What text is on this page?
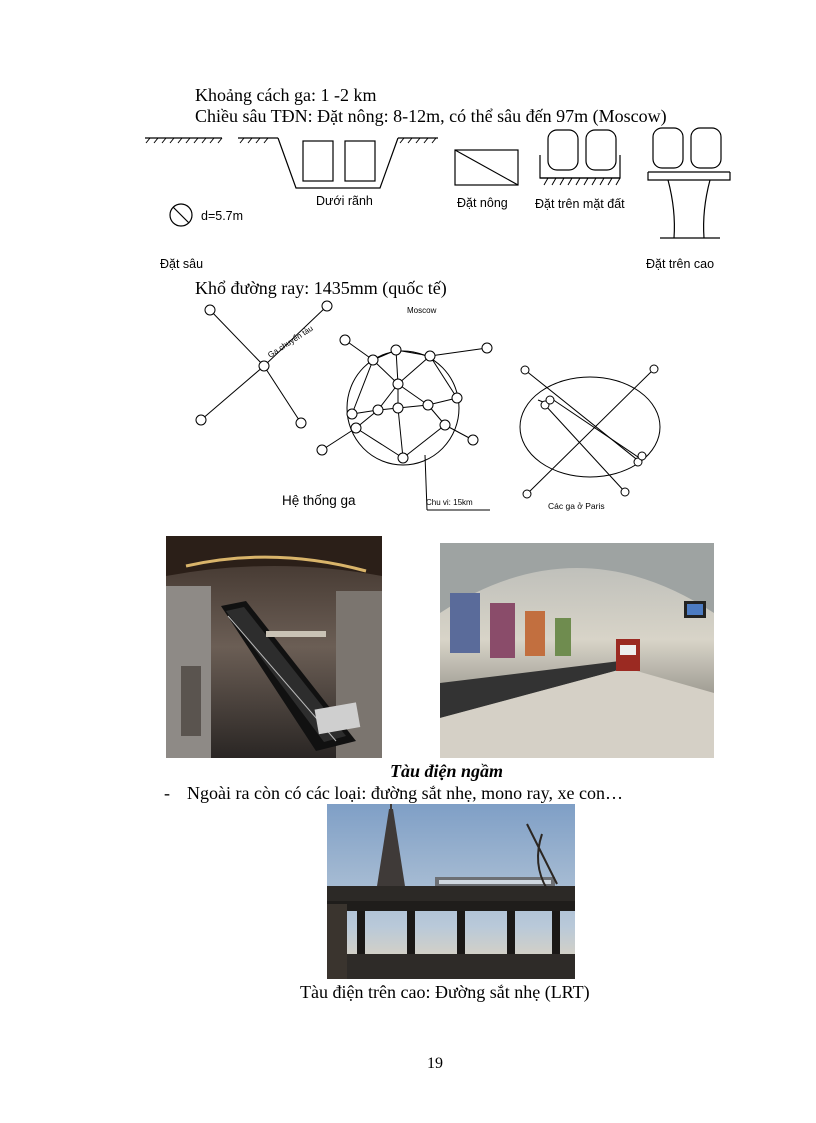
Khoảng cách ga: 1 -2 km
Chiều sâu TĐN: Đặt nông: 8-12m, có thể sâu đến 97m (Moscow)
Dưới rãnh	Đặt nông Đặt trên mặt đất
d=5.7m
Đặt sâu	Đặt trên cao
Khổ đường ray: 1435mm (quốc tế)
Ga chuyển tàu
Moscow
Hệ thống ga	Chu vi: 15km	Các ga ở Paris
Tàu điện ngầm
- Ngoài ra còn có các loại: đường sắt nhẹ, mono ray, xe con…
Tàu điện trên cao: Đường sắt nhẹ (LRT)
19
